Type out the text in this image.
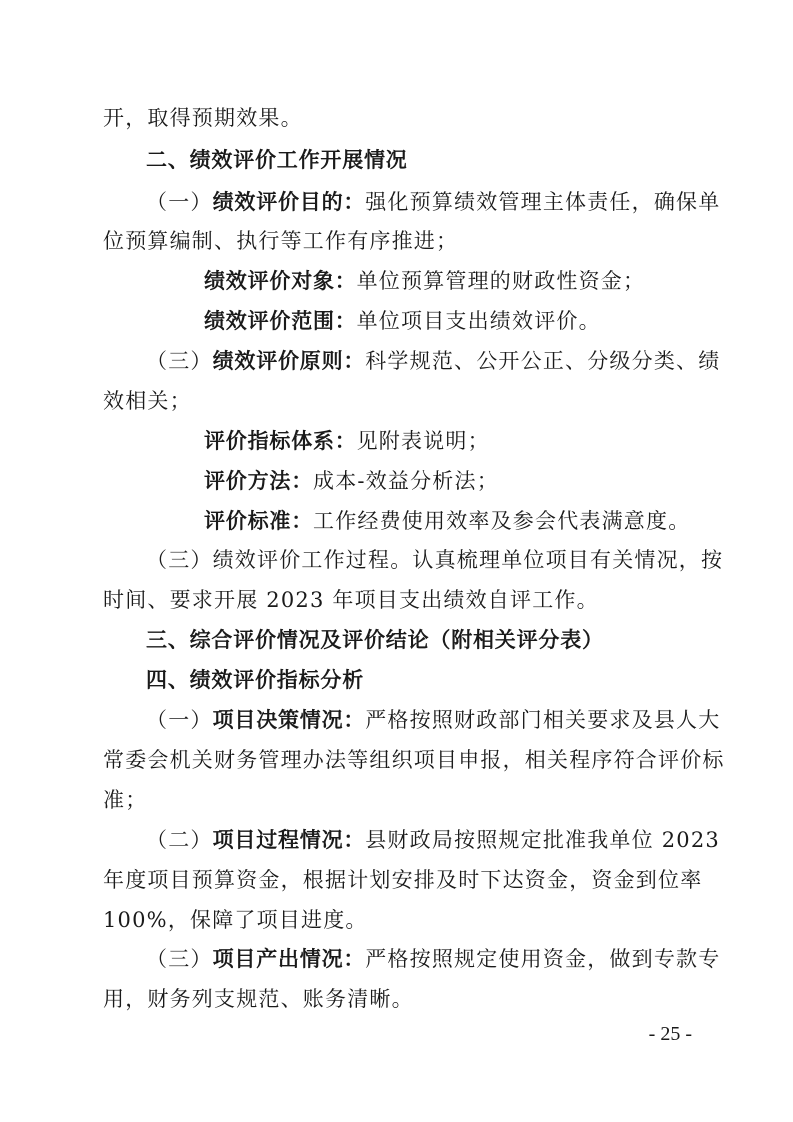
开，取得预期效果。
二、绩效评价工作开展情况
（一）绩效评价目的：强化预算绩效管理主体责任，确保单
位预算编制、执行等工作有序推进；
绩效评价对象：单位预算管理的财政性资金；
绩效评价范围：单位项目支出绩效评价。
（三）绩效评价原则：科学规范、公开公正、分级分类、绩
效相关；
评价指标体系：见附表说明；
评价方法：成本-效益分析法；
评价标准：工作经费使用效率及参会代表满意度。
（三）绩效评价工作过程。认真梳理单位项目有关情况，按
时间、要求开展 2023 年项目支出绩效自评工作。
三、综合评价情况及评价结论（附相关评分表）
四、绩效评价指标分析
（一）项目决策情况：严格按照财政部门相关要求及县人大
常委会机关财务管理办法等组织项目申报，相关程序符合评价标
准；
（二）项目过程情况：县财政局按照规定批准我单位 2023
年度项目预算资金，根据计划安排及时下达资金，资金到位率
100%，保障了项目进度。
（三）项目产出情况：严格按照规定使用资金，做到专款专
用，财务列支规范、账务清晰。
- 25 -
